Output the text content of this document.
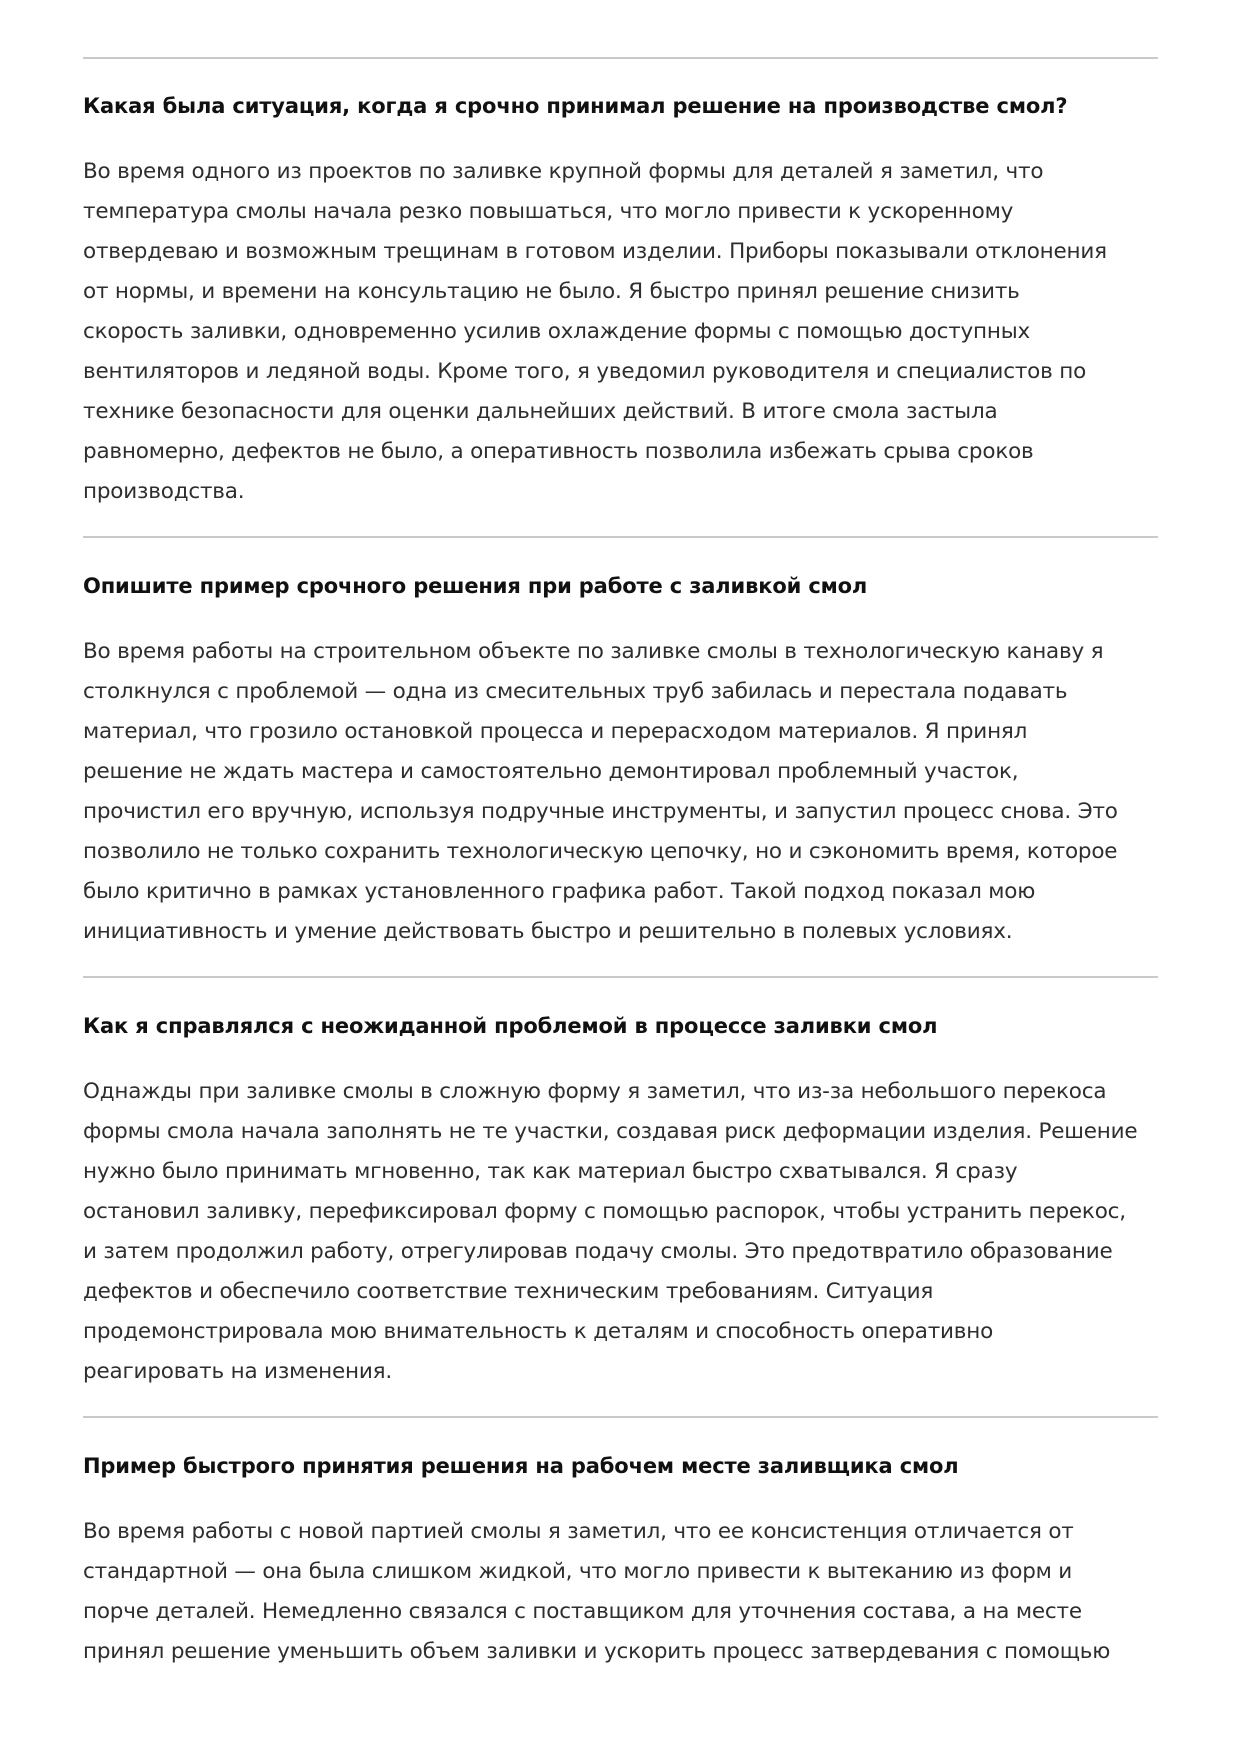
Какая была ситуация, когда я срочно принимал решение на производстве смол?
Во время одного из проектов по заливке крупной формы для деталей я заметил, что
температура смолы начала резко повышаться, что могло привести к ускоренному
отвердеваю и возможным трещинам в готовом изделии. Приборы показывали отклонения
от нормы, и времени на консультацию не было. Я быстро принял решение снизить
скорость заливки, одновременно усилив охлаждение формы с помощью доступных
вентиляторов и ледяной воды. Кроме того, я уведомил руководителя и специалистов по
технике безопасности для оценки дальнейших действий. В итоге смола застыла
равномерно, дефектов не было, а оперативность позволила избежать срыва сроков
производства.
Опишите пример срочного решения при работе с заливкой смол
Во время работы на строительном объекте по заливке смолы в технологическую канаву я
столкнулся с проблемой — одна из смесительных труб забилась и перестала подавать
материал, что грозило остановкой процесса и перерасходом материалов. Я принял
решение не ждать мастера и самостоятельно демонтировал проблемный участок,
прочистил его вручную, используя подручные инструменты, и запустил процесс снова. Это
позволило не только сохранить технологическую цепочку, но и сэкономить время, которое
было критично в рамках установленного графика работ. Такой подход показал мою
инициативность и умение действовать быстро и решительно в полевых условиях.
Как я справлялся с неожиданной проблемой в процессе заливки смол
Однажды при заливке смолы в сложную форму я заметил, что из-за небольшого перекоса
формы смола начала заполнять не те участки, создавая риск деформации изделия. Решение
нужно было принимать мгновенно, так как материал быстро схватывался. Я сразу
остановил заливку, перефиксировал форму с помощью распорок, чтобы устранить перекос,
и затем продолжил работу, отрегулировав подачу смолы. Это предотвратило образование
дефектов и обеспечило соответствие техническим требованиям. Ситуация
продемонстрировала мою внимательность к деталям и способность оперативно
реагировать на изменения.
Пример быстрого принятия решения на рабочем месте заливщика смол
Во время работы с новой партией смолы я заметил, что ее консистенция отличается от
стандартной — она была слишком жидкой, что могло привести к вытеканию из форм и
порче деталей. Немедленно связался с поставщиком для уточнения состава, а на месте
принял решение уменьшить объем заливки и ускорить процесс затвердевания с помощью
